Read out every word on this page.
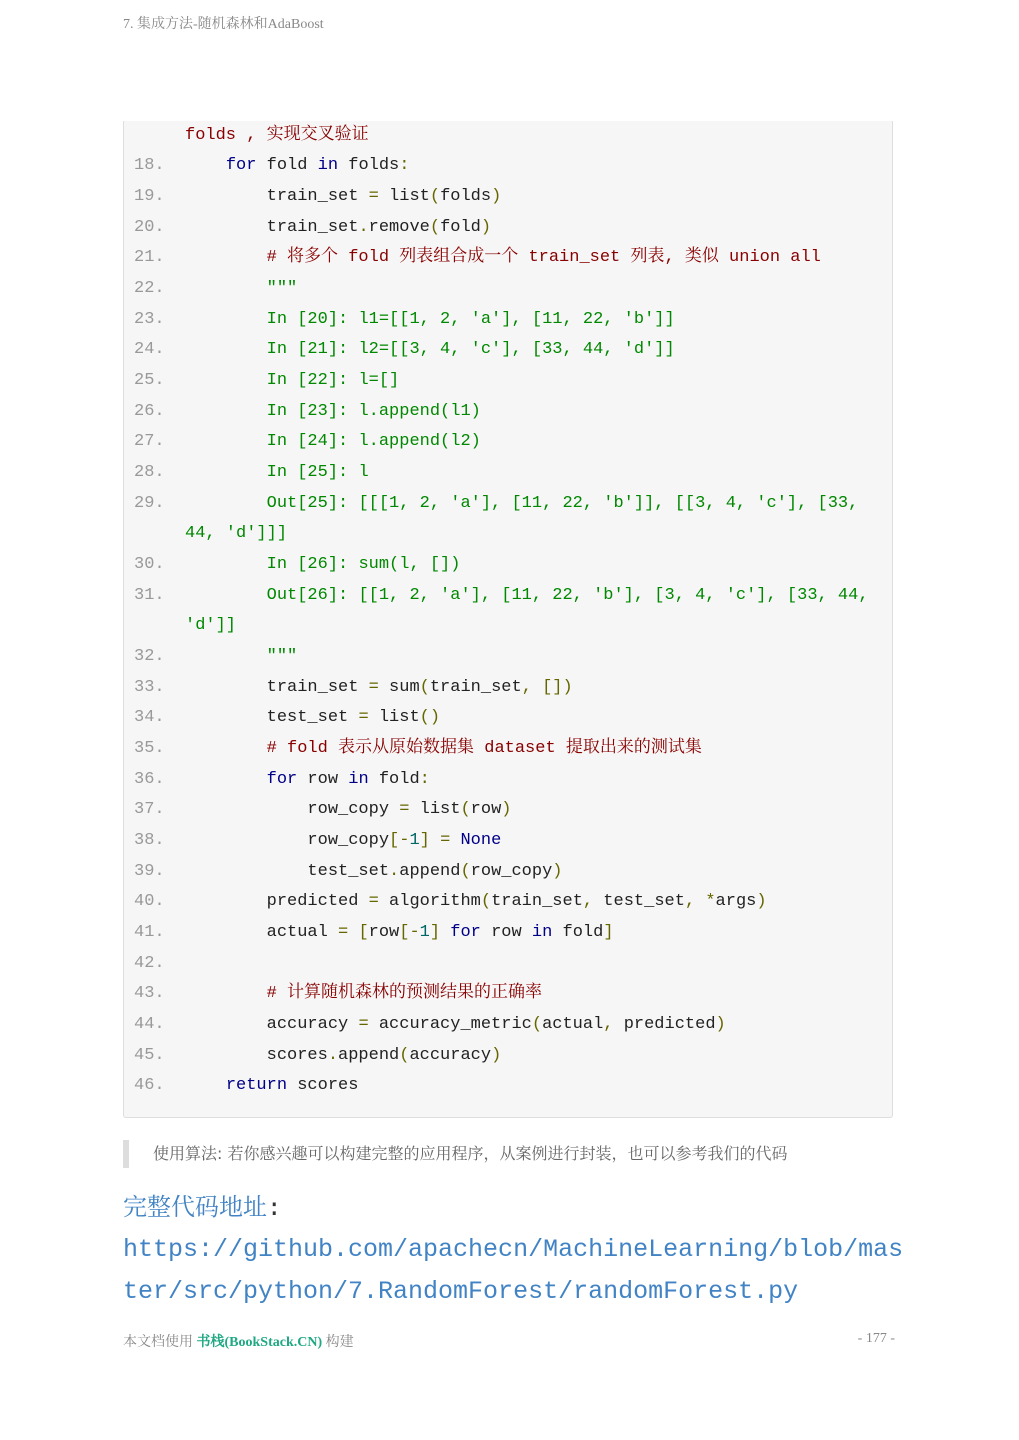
7. 集成方法-随机森林和AdaBoost
folds , 实现交叉验证
18.	for fold in folds:
19. train_set = list(folds)
20. train_set.remove(fold)
21.	# 将多个 fold 列表组合成一个 train_set 列表, 类似 union all
22.	"""
23.	In [20]: l1=[[1, 2, 'a'], [11, 22, 'b']]
24.	In [21]: l2=[[3, 4, 'c'], [33, 44, 'd']]
25.	In [22]: l=[]
26.	In [23]: l.append(l1)
27.	In [24]: l.append(l2)
28.	In [25]: l
29.	Out[25]: [[[1, 2, 'a'], [11, 22, 'b']], [[3, 4, 'c'], [33,
44, 'd']]]
30.	In [26]: sum(l, [])
31.	Out[26]: [[1, 2, 'a'], [11, 22, 'b'], [3, 4, 'c'], [33, 44,
'd']]
32.	"""
33. train_set = sum(train_set, [])
34. test_set = list()
35.	# fold 表示从原始数据集 dataset 提取出来的测试集
36.	for row in fold:
37. row_copy = list(row)
38. row_copy[-1] = None
39. test_set.append(row_copy)
40. predicted = algorithm(train_set, test_set, *args)
41. actual = [row[-1] for row in fold]
42.
43.	# 计算随机森林的预测结果的正确率
44. accuracy = accuracy_metric(actual, predicted)
45. scores.append(accuracy)
46.	return scores
使用算法: 若你感兴趣可以构建完整的应用程序，从案例进行封装，也可以参考我们的代码
完整代码地址:
https://github.com/apachecn/MachineLearning/blob/mas
ter/src/python/7.RandomForest/randomForest.py
本文档使用 书栈(BookStack.CN) 构建	- 177 -
